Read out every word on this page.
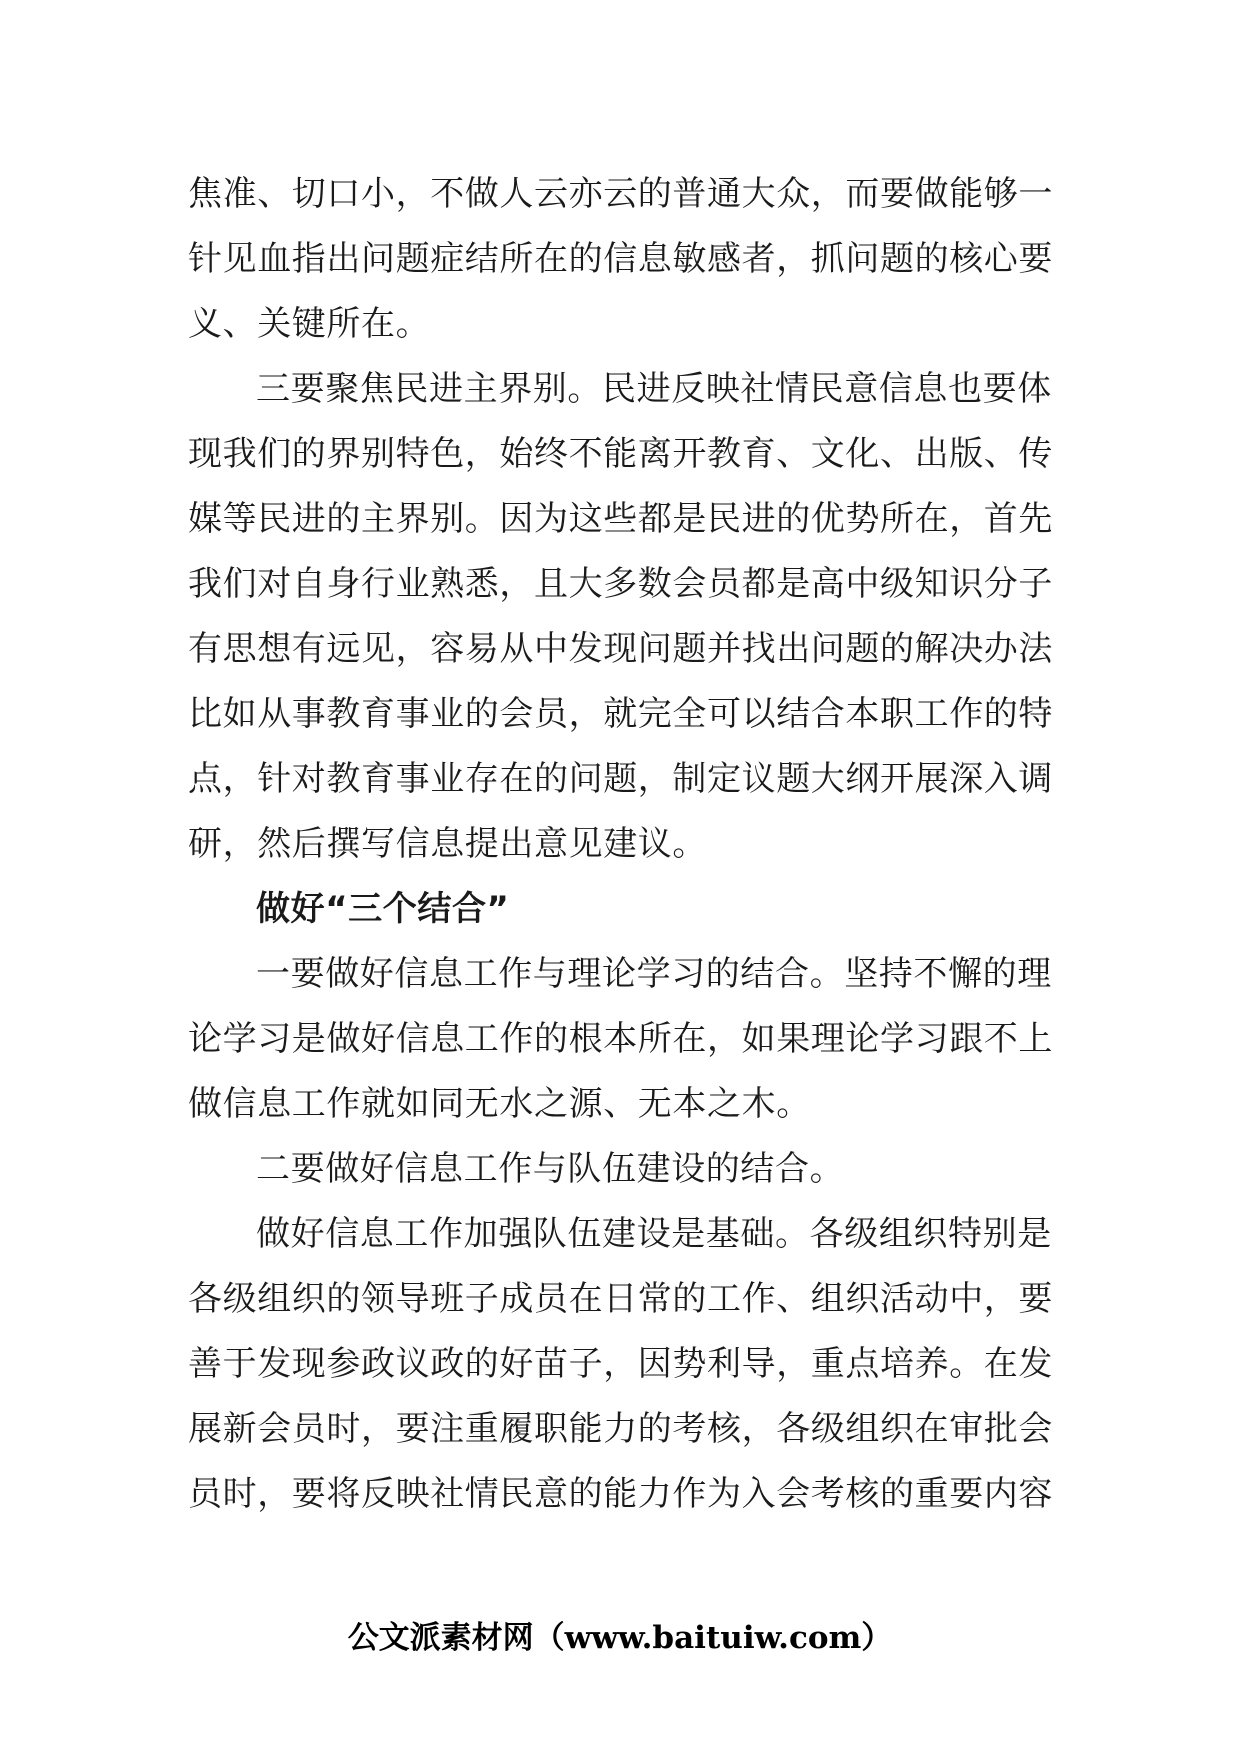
焦准、切口小，不做人云亦云的普通大众，而要做能够一
针见血指出问题症结所在的信息敏感者，抓问题的核心要
义、关键所在。
三要聚焦民进主界别。民进反映社情民意信息也要体
现我们的界别特色，始终不能离开教育、文化、出版、传
媒等民进的主界别。因为这些都是民进的优势所在，首先
我们对自身行业熟悉，且大多数会员都是高中级知识分子
有思想有远见，容易从中发现问题并找出问题的解决办法
比如从事教育事业的会员，就完全可以结合本职工作的特
点，针对教育事业存在的问题，制定议题大纲开展深入调
研，然后撰写信息提出意见建议。
做好“三个结合”
一要做好信息工作与理论学习的结合。坚持不懈的理
论学习是做好信息工作的根本所在，如果理论学习跟不上
做信息工作就如同无水之源、无本之木。
二要做好信息工作与队伍建设的结合。
做好信息工作加强队伍建设是基础。各级组织特别是
各级组织的领导班子成员在日常的工作、组织活动中，要
善于发现参政议政的好苗子，因势利导，重点培养。在发
展新会员时，要注重履职能力的考核，各级组织在审批会
员时，要将反映社情民意的能力作为入会考核的重要内容
公文派素材网（www.baituiw.com）
